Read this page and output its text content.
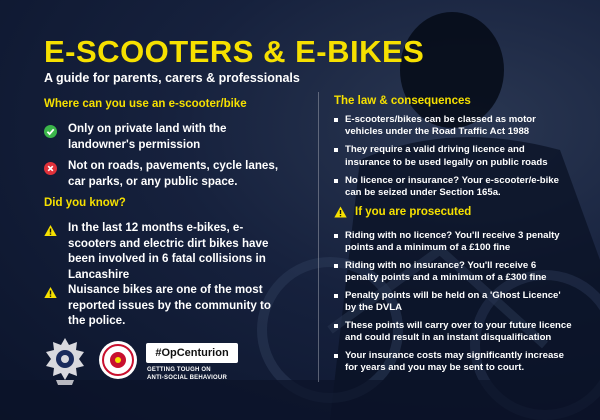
E-SCOOTERS & E-BIKES
A guide for parents, carers & professionals
Where can you use an e-scooter/bike
Only on private land with the landowner's permission
Not on roads, pavements, cycle lanes, car parks, or any public space.
Did you know?
In the last 12 months e-bikes, e-scooters and electric dirt bikes have been involved in 6 fatal collisions in Lancashire
Nuisance bikes are one of the most reported issues by the community to the police.
The law & consequences
E-scooters/bikes can be classed as motor vehicles under the Road Traffic Act 1988
They require a valid driving licence and insurance to be used legally on public roads
No licence or insurance? Your e-scooter/e-bike can be seized under Section 165a.
If you are prosecuted
Riding with no licence? You'll receive 3 penalty points and a minimum of a £100 fine
Riding with no insurance? You'll receive 6 penalty points and a minimum of a £300 fine
Penalty points will be held on a 'Ghost Licence' by the DVLA
These points will carry over to your future licence and could result in an instant disqualification
Your insurance costs may significantly increase for years and you may be sent to court.
#OpCenturion
GETTING TOUGH ON
ANTI-SOCIAL BEHAVIOUR
